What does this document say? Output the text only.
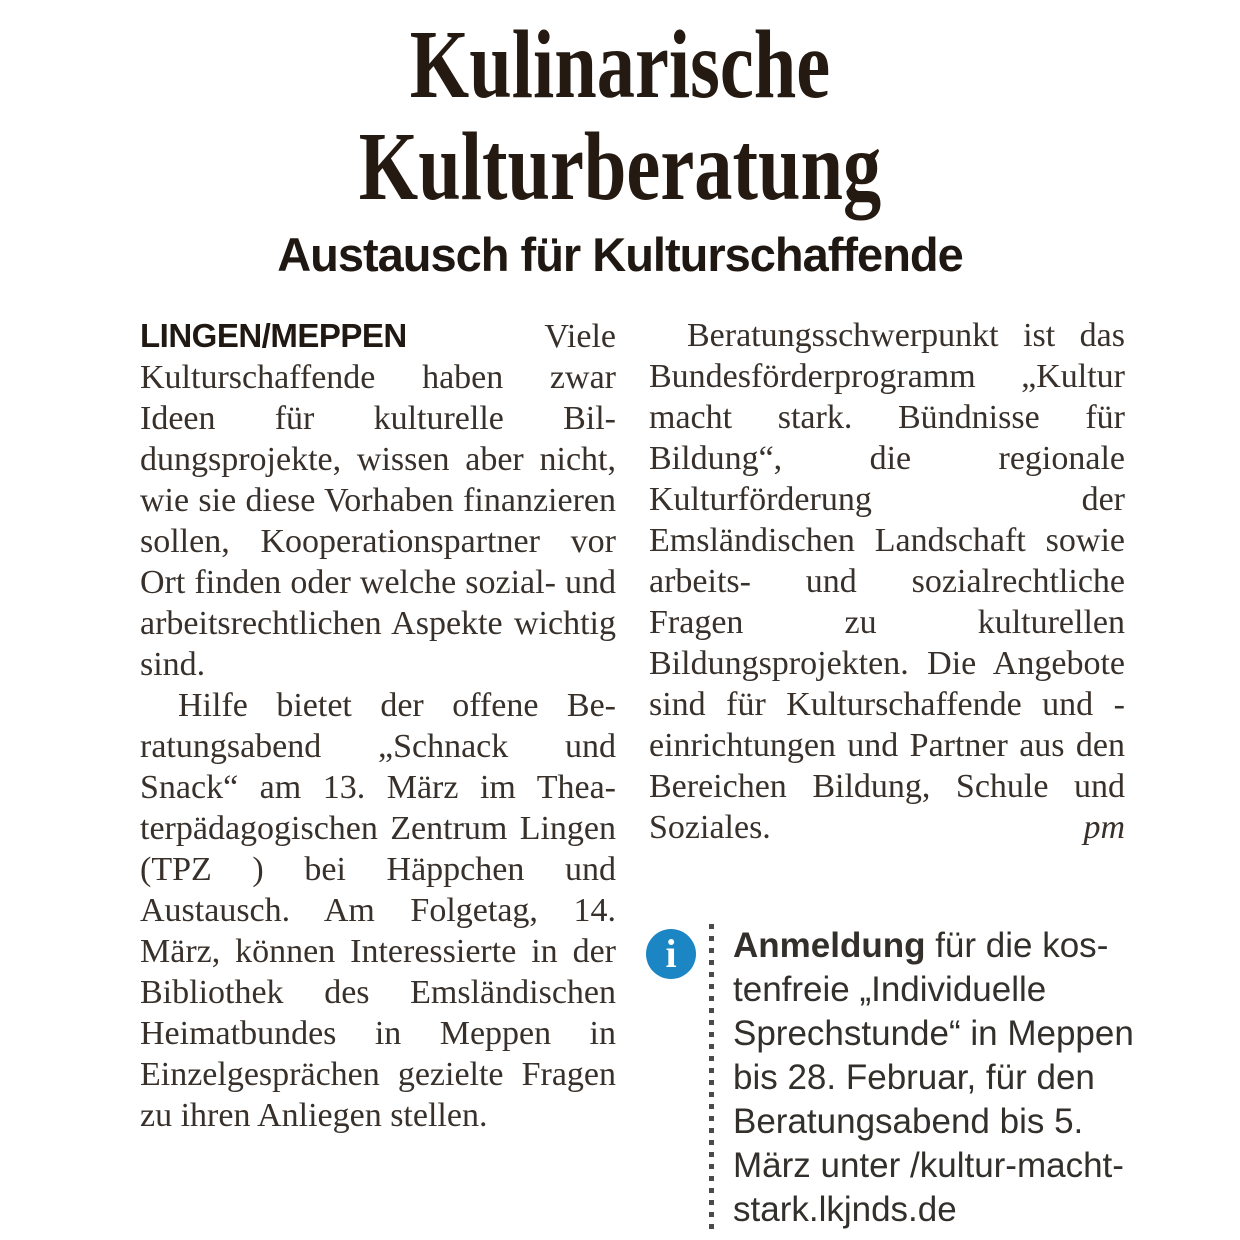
Kulinarische
Kulturberatung
Austausch für Kulturschaffende

LINGEN/MEPPEN	Viele Kulturschaffende haben zwar Ideen für kulturelle Bildungsprojekte, wissen aber nicht, wie sie diese Vorhaben finanzieren sollen, Kooperationspartner vor Ort finden oder welche sozial- und arbeitsrechtlichen Aspekte wichtig sind.

Hilfe bietet der offene Beratungsabend „Schnack und Snack“ am 13. März im Theaterpädagogischen Zentrum Lingen (TPZ ) bei Häppchen und Austausch. Am Folgetag, 14. März, können Interessierte in der Bibliothek des Emsländischen Heimatbundes in Meppen in Einzelgesprächen gezielte Fragen zu ihren Anliegen stellen.

Beratungsschwerpunkt ist das Bundesförderprogramm „Kultur macht stark. Bündnisse für Bildung“, die regionale Kulturförderung der Emsländischen Landschaft sowie arbeits- und sozialrechtliche Fragen zu kulturellen Bildungsprojekten. Die Angebote sind für Kulturschaffende und -einrichtungen und Partner aus den Bereichen Bildung, Schule und Soziales.	pm

i Anmeldung für die kostenfreie „Individuelle Sprechstunde“ in Meppen bis 28. Februar, für den Beratungsabend bis 5. März unter /kultur-macht-stark.lkjnds.de
